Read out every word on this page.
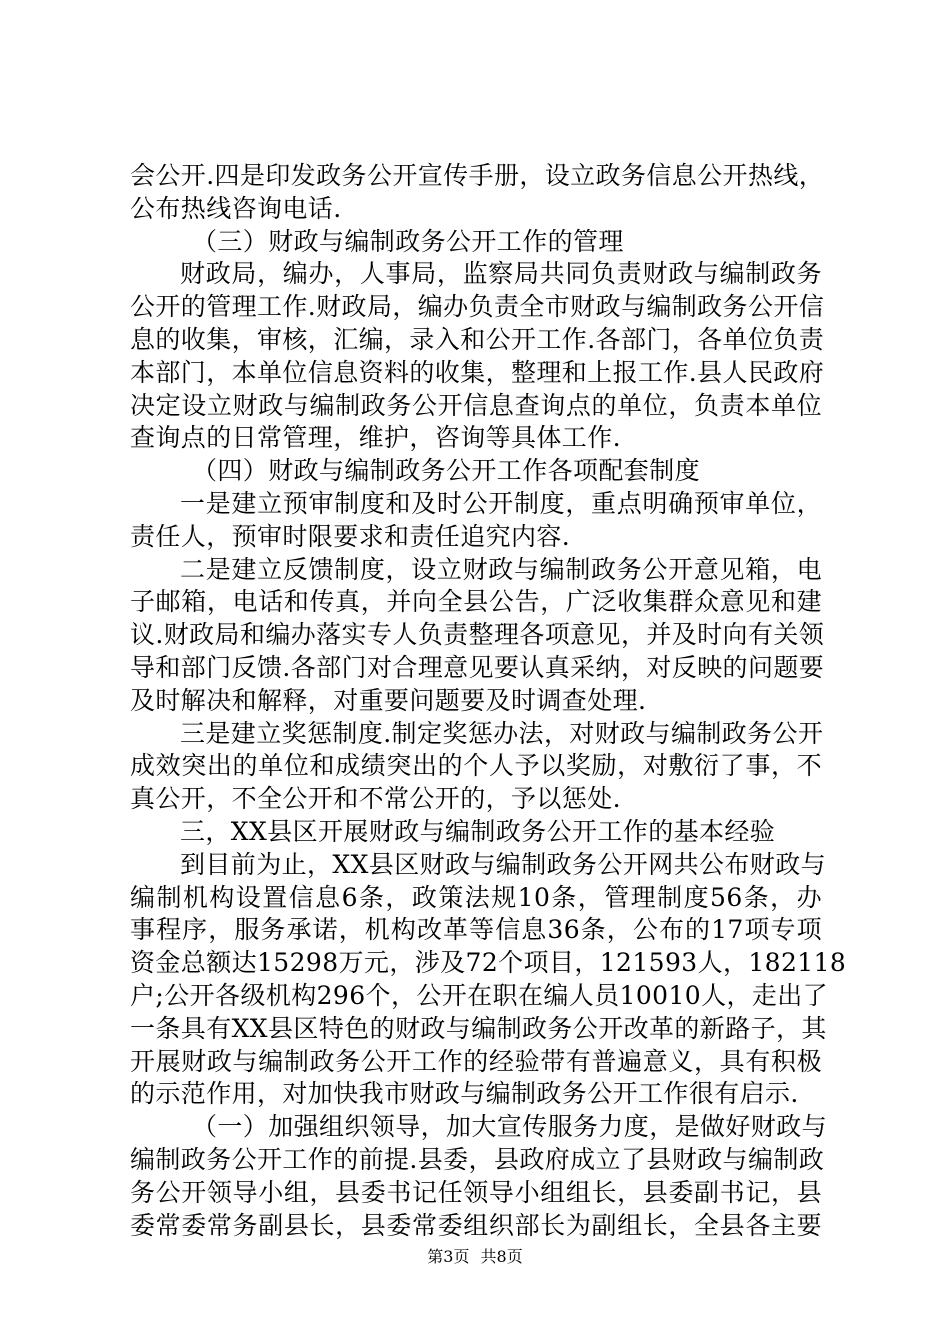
会公开.四是印发政务公开宣传手册，设立政务信息公开热线，
公布热线咨询电话.
（三）财政与编制政务公开工作的管理
财政局，编办，人事局，监察局共同负责财政与编制政务
公开的管理工作.财政局，编办负责全市财政与编制政务公开信
息的收集，审核，汇编，录入和公开工作.各部门，各单位负责
本部门，本单位信息资料的收集，整理和上报工作.县人民政府
决定设立财政与编制政务公开信息查询点的单位，负责本单位
查询点的日常管理，维护，咨询等具体工作.
（四）财政与编制政务公开工作各项配套制度
一是建立预审制度和及时公开制度，重点明确预审单位，
责任人，预审时限要求和责任追究内容.
二是建立反馈制度，设立财政与编制政务公开意见箱，电
子邮箱，电话和传真，并向全县公告，广泛收集群众意见和建
议.财政局和编办落实专人负责整理各项意见，并及时向有关领
导和部门反馈.各部门对合理意见要认真采纳，对反映的问题要
及时解决和解释，对重要问题要及时调查处理.
三是建立奖惩制度.制定奖惩办法，对财政与编制政务公开
成效突出的单位和成绩突出的个人予以奖励，对敷衍了事，不
真公开，不全公开和不常公开的，予以惩处.
三，XX县区开展财政与编制政务公开工作的基本经验
到目前为止，XX县区财政与编制政务公开网共公布财政与
编制机构设置信息6条，政策法规10条，管理制度56条，办
事程序，服务承诺，机构改革等信息36条，公布的17项专项
资金总额达15298万元，涉及72个项目，121593人，182118
户;公开各级机构296个，公开在职在编人员10010人，走出了
一条具有XX县区特色的财政与编制政务公开改革的新路子，其
开展财政与编制政务公开工作的经验带有普遍意义，具有积极
的示范作用，对加快我市财政与编制政务公开工作很有启示.
（一）加强组织领导，加大宣传服务力度，是做好财政与
编制政务公开工作的前提.县委，县政府成立了县财政与编制政
务公开领导小组，县委书记任领导小组组长，县委副书记，县
委常委常务副县长，县委常委组织部长为副组长，全县各主要
第3页 共8页
